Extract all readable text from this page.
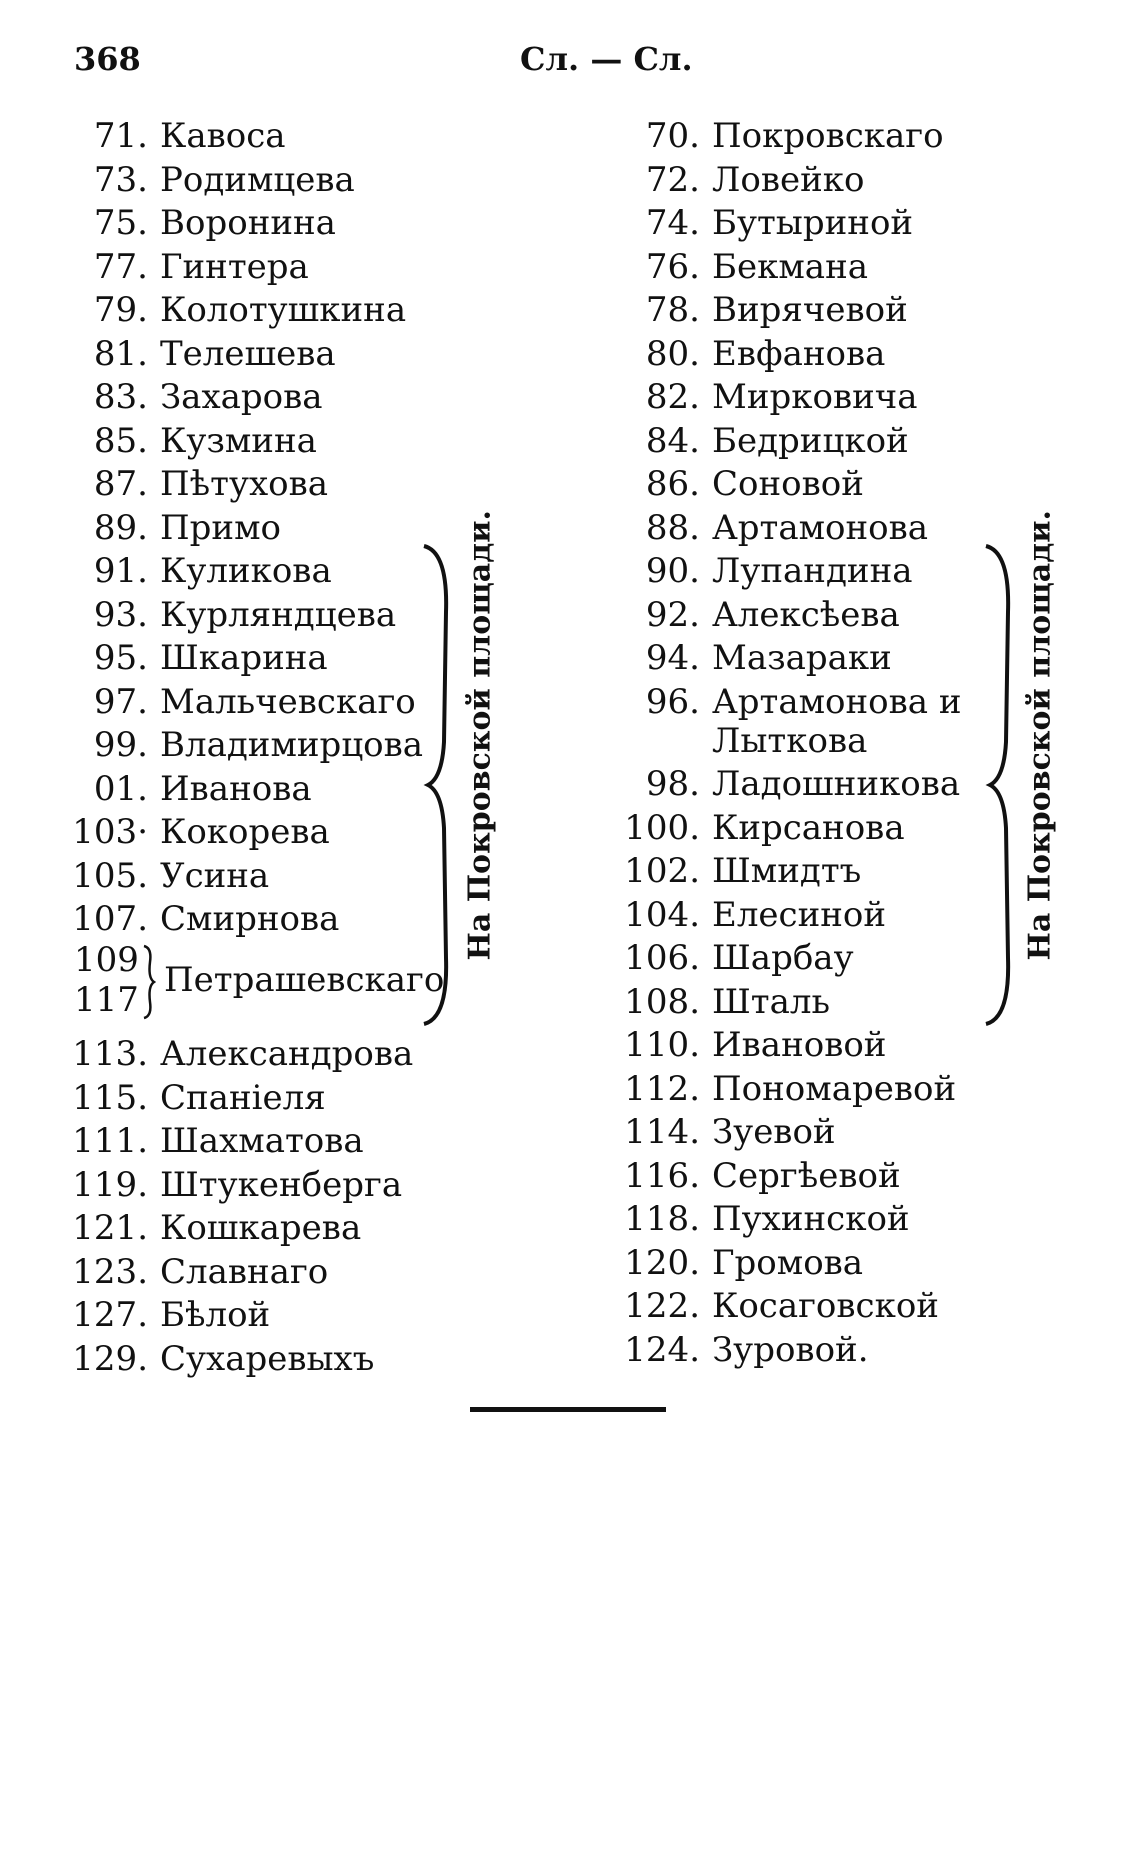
368	Сл. — Сл.
71. Кавоса
73. Родимцева
75. Воронина
77. Гинтера
79. Колотушкина
81. Телешева
83. Захарова
85. Кузмина
87. Пѣтухова
89. Примо
91. Куликова
93. Курляндцева
95. Шкарина
97. Мальчевскаго
99. Владимирцова
01. Иванова
103· Кокорева
105. Усина
107. Смирнова
113. Александрова
115. Спаніеля
111. Шахматова
119. Штукенберга
121. Кошкарева
123. Славнаго
127. Бѣлой
129. Сухаревыхъ
70. Покровскаго
72. Ловейко
74. Бутыриной
76. Бекмана
78. Вирячевой
80. Евфанова
82. Мирковича
84. Бедрицкой
86. Соновой
88. Артамонова
90. Лупандина
92. Алексѣева
94. Мазараки
96. Артамонова и
98. Ладошникова
100. Кирсанова
102. Шмидтъ
104. Елесиной
106. Шарбау
108. Шталь
110. Ивановой
112. Пономаревой
114. Зуевой
116. Сергѣевой
118. Пухинской
120. Громова
122. Косаговской
124. Зуровой.
109
117 Петрашевскаго
Лыткова
На Покровской площади.	На Покровской площади.
